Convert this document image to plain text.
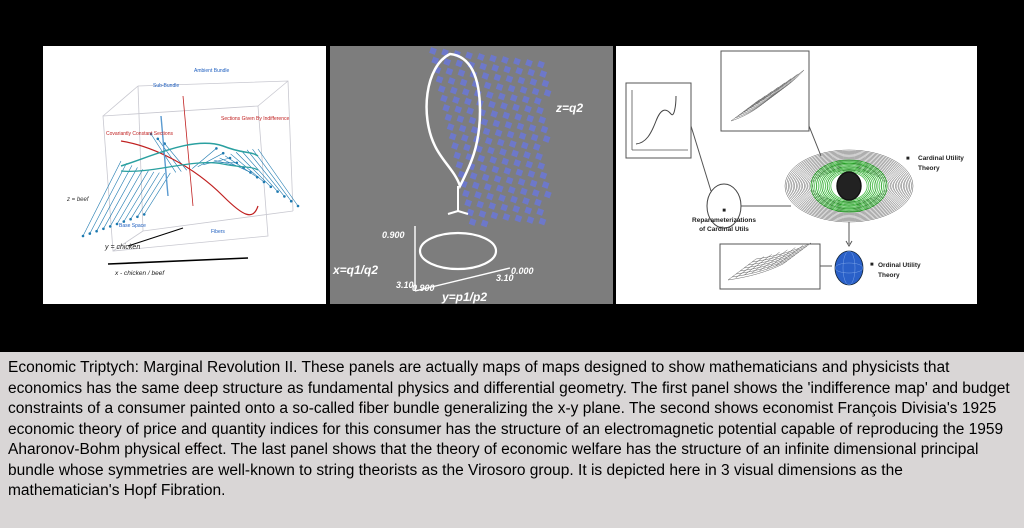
Ambient Bundle
Sub-Bundle
Covariantly Constant Sections
Sections Given By Indifference
z = beef
Base Space
Fibers
y = chicken
x - chicken / beef
z=q2
0.900
x=q1/q2
3.10
0.900
0.000
3.10
y=p1/p2
■
Reparameterizations
of Cardinal Utils
■ Cardinal Utility
Theory
■ Ordinal Utility
Theory

Economic Triptych: Marginal Revolution II. These panels are actually maps of maps designed to show mathematicians and physicists that economics has the same deep structure as fundamental physics and differential geometry. The first panel shows the 'indifference map' and budget constraints of a consumer painted onto a so-called fiber bundle generalizing the x-y plane. The second shows economist François Divisia's 1925 economic theory of price and quantity indices for this consumer has the structure of an electromagnetic potential capable of reproducing the 1959 Aharonov-Bohm physical effect. The last panel shows that the theory of economic welfare has the structure of an infinite dimensional principal bundle whose symmetries are well-known to string theorists as the Virosoro group. It is depicted here in 3 visual dimensions as the mathematician's Hopf Fibration.
